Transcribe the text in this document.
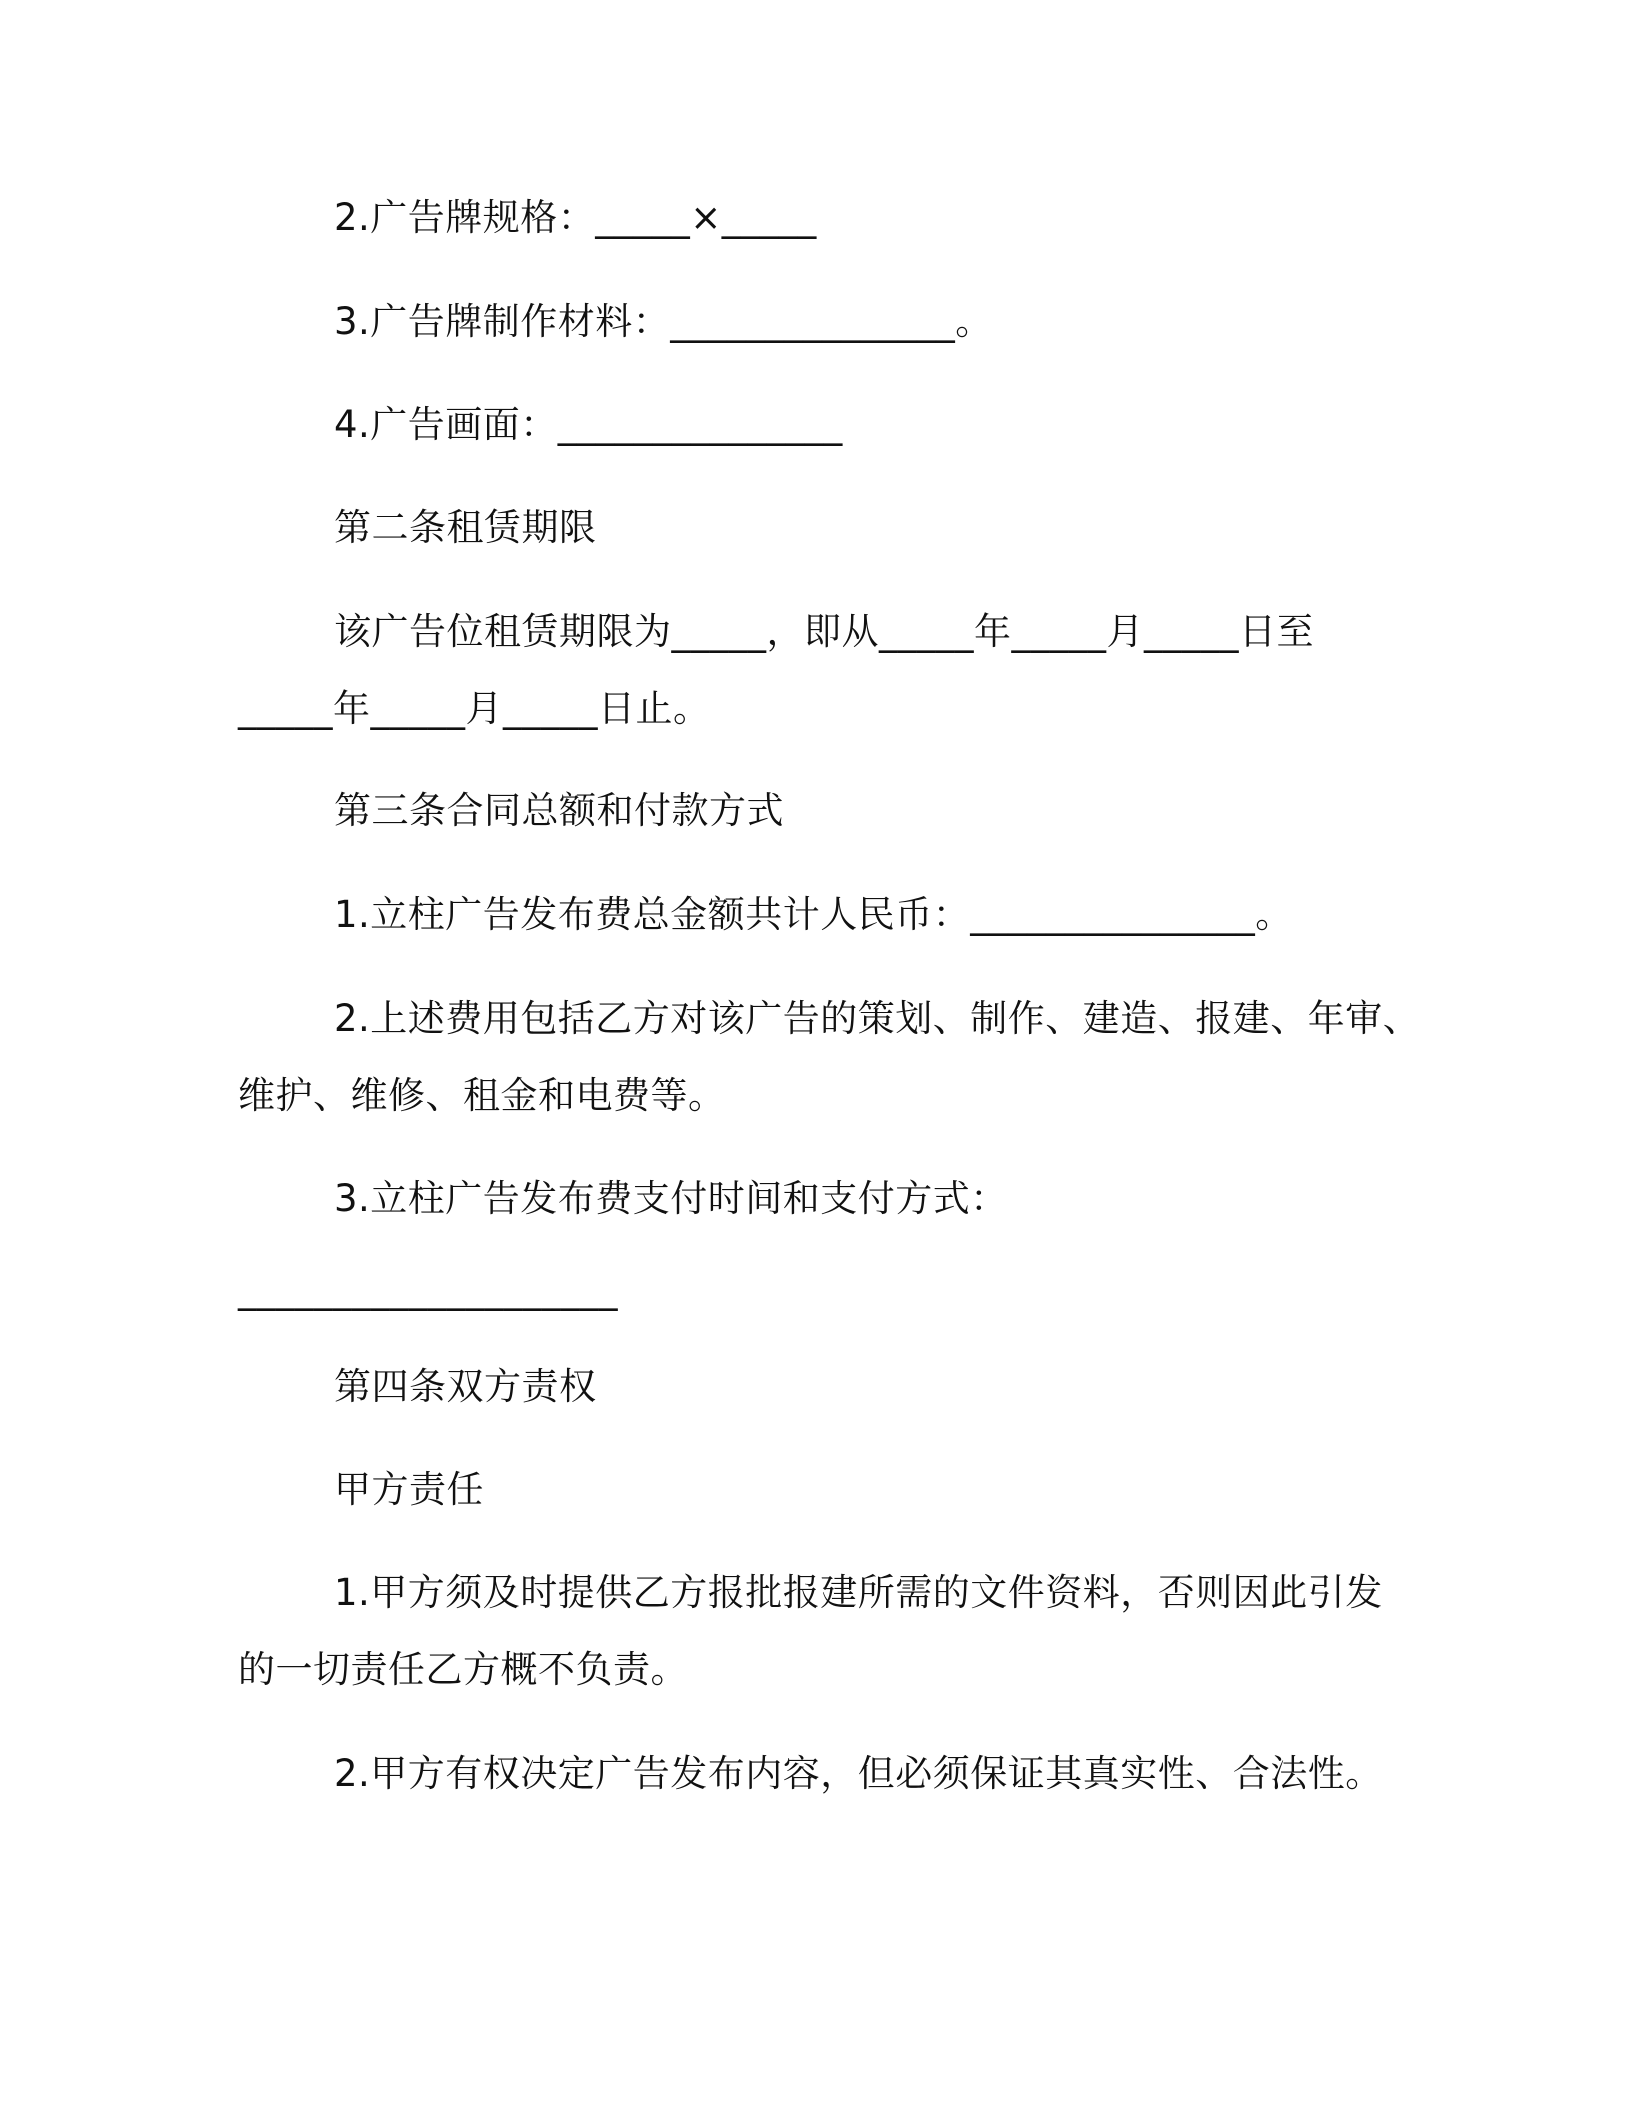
2.广告牌规格：_____×_____
3.广告牌制作材料：_______________。
4.广告画面：_______________
第二条租赁期限
该广告位租赁期限为_____，即从_____年_____月_____日至
_____年_____月_____日止。
第三条合同总额和付款方式
1.立柱广告发布费总金额共计人民币：_______________。
2.上述费用包括乙方对该广告的策划、制作、建造、报建、年审、
维护、维修、租金和电费等。
3.立柱广告发布费支付时间和支付方式：
____________________
第四条双方责权
甲方责任
1.甲方须及时提供乙方报批报建所需的文件资料，否则因此引发
的一切责任乙方概不负责。
2.甲方有权决定广告发布内容，但必须保证其真实性、合法性。
